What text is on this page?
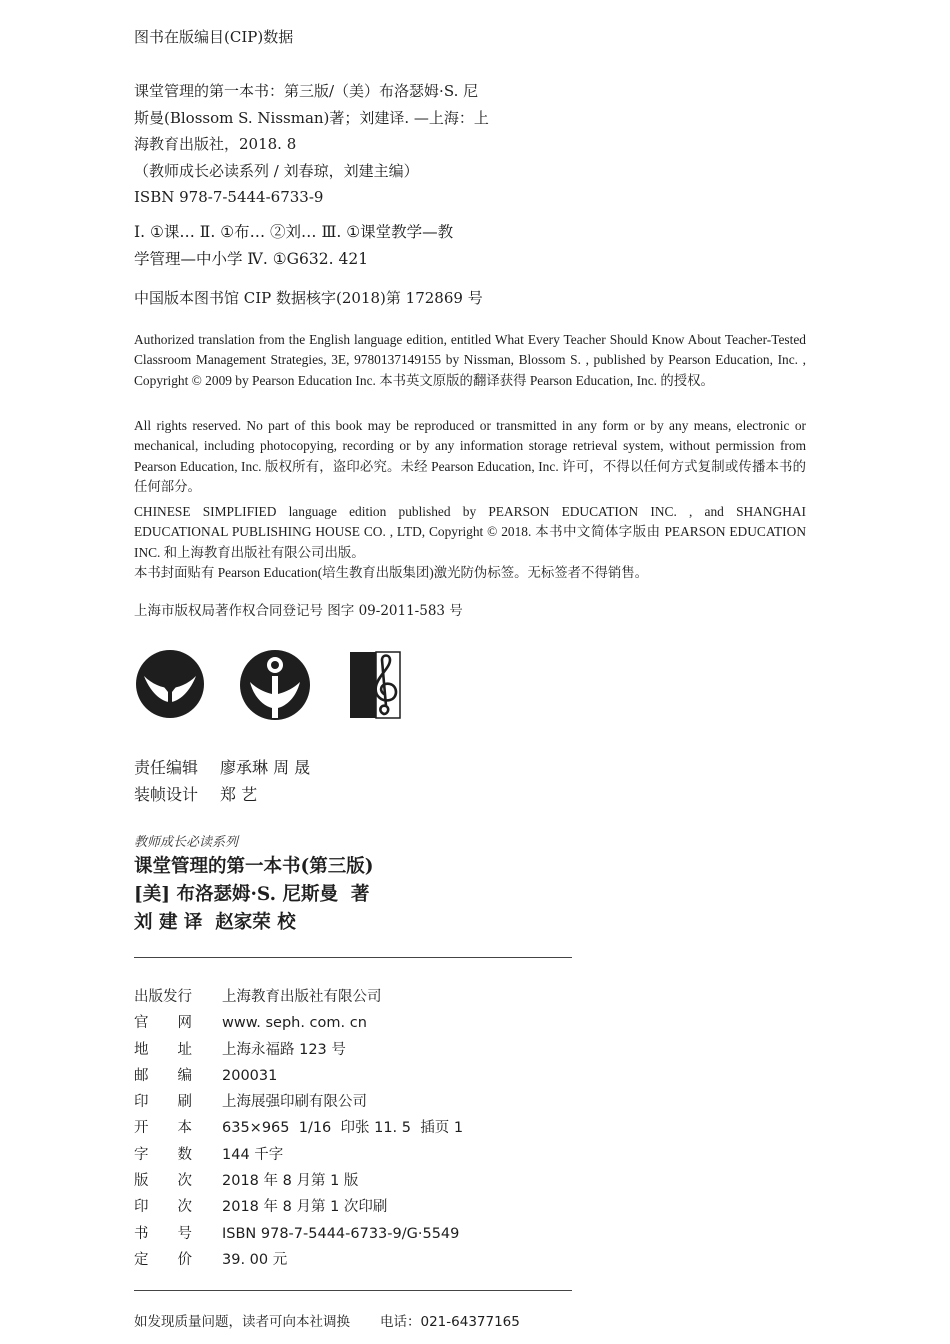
图书在版编目(CIP)数据
课堂管理的第一本书：第三版/（美）布洛瑟姆·S. 尼
斯曼(Blossom S. Nissman)著；刘建译. —上海：上
海教育出版社，2018. 8
（教师成长必读系列 / 刘春琼，刘建主编）
ISBN 978-7-5444-6733-9
Ⅰ. ①课… Ⅱ. ①布… ②刘… Ⅲ. ①课堂教学—教
学管理—中小学 Ⅳ. ①G632. 421
中国版本图书馆 CIP 数据核字(2018)第 172869 号

Authorized translation from the English language edition, entitled What Every Teacher Should Know About Teacher-Tested Classroom Management Strategies, 3E, 9780137149155 by Nissman, Blossom S. , published by Pearson Education, Inc. , Copyright © 2009 by Pearson Education Inc. 本书英文原版的翻译获得 Pearson Education, Inc. 的授权。

All rights reserved. No part of this book may be reproduced or transmitted in any form or by any means, electronic or mechanical, including photocopying, recording or by any information storage retrieval system, without permission from Pearson Education, Inc. 版权所有，盗印必究。未经 Pearson Education, Inc. 许可，不得以任何方式复制或传播本书的任何部分。

CHINESE SIMPLIFIED language edition published by PEARSON EDUCATION INC. , and SHANGHAI EDUCATIONAL PUBLISHING HOUSE CO. , LTD, Copyright © 2018. 本书中文简体字版由 PEARSON EDUCATION INC. 和上海教育出版社有限公司出版。

本书封面贴有 Pearson Education(培生教育出版集团)激光防伪标签。无标签者不得销售。

上海市版权局著作权合同登记号 图字 09-2011-583 号
责任编辑 廖承琳 周 晟
装帧设计 郑 艺
教师成长必读系列
课堂管理的第一本书(第三版)
[美] 布洛瑟姆·S. 尼斯曼  著
刘 建 译  赵家荣 校
出版发行 上海教育出版社有限公司
官　　网 www. seph. com. cn
地　　址 上海永福路 123 号
邮　　编 200031
印　　刷 上海展强印刷有限公司
开　　本 635×965  1/16  印张 11. 5  插页 1
字　　数 144 千字
版　　次 2018 年 8 月第 1 版
印　　次 2018 年 8 月第 1 次印刷
书　　号 ISBN 978-7-5444-6733-9/G·5549
定　　价 39. 00 元
如发现质量问题，读者可向本社调换 电话：021-64377165
